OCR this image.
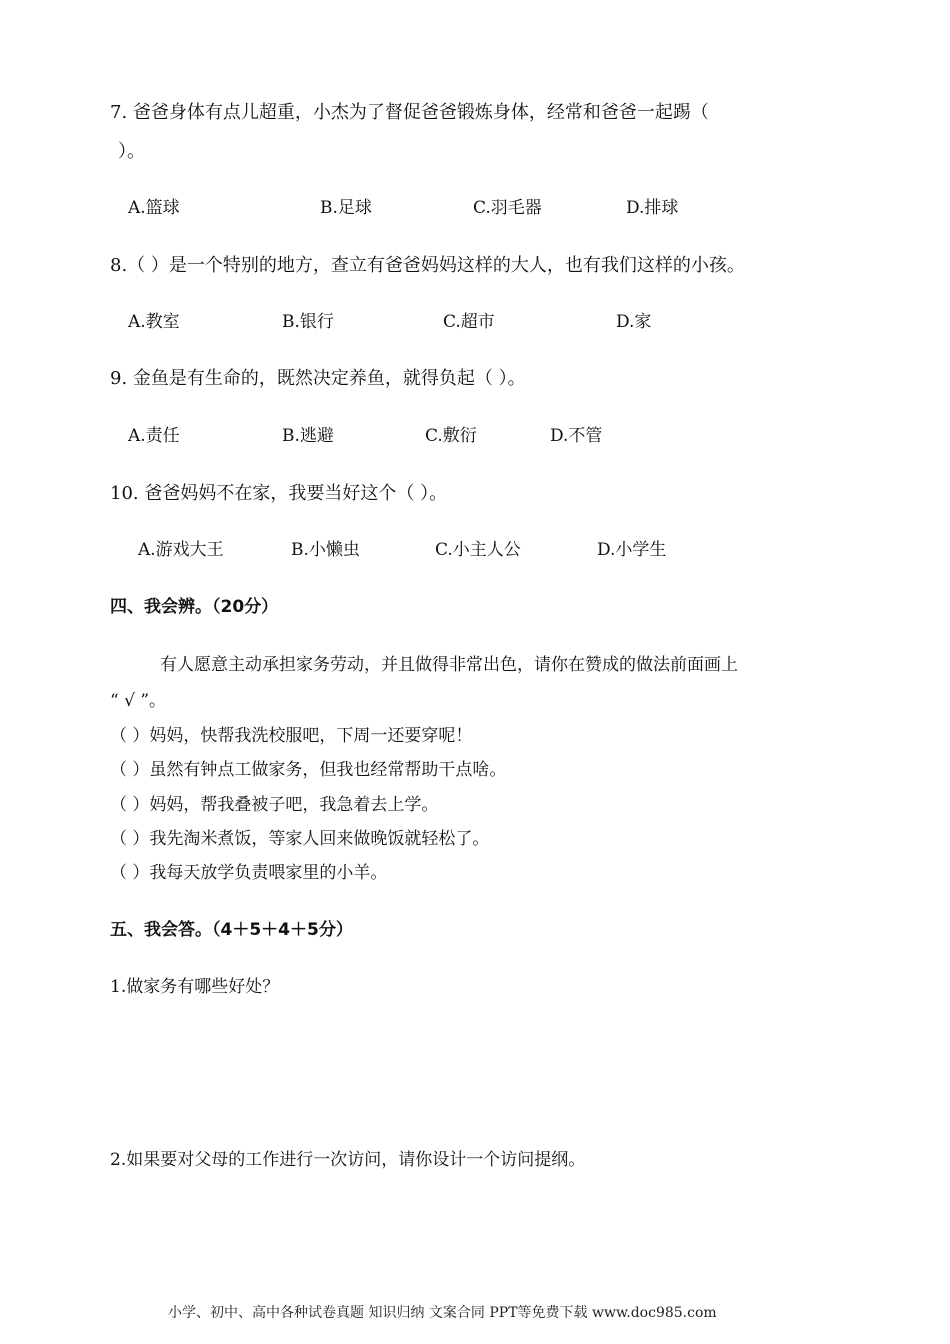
7. 爸爸身体有点儿超重，小杰为了督促爸爸锻炼身体，经常和爸爸一起踢（
）。
A.篮球	B.足球	C.羽毛器	D.排球
8.（ ）是一个特别的地方，查立有爸爸妈妈这样的大人，也有我们这样的小孩。
A.教室	B.银行	C.超市	D.家
9. 金鱼是有生命的，既然决定养鱼，就得负起（ ）。
A.责任	B.逃避	C.敷衍	D.不管
10. 爸爸妈妈不在家，我要当好这个（ ）。
A.游戏大王	B.小懒虫	C.小主人公	D.小学生
四、我会辨。（20分）
有人愿意主动承担家务劳动，并且做得非常出色，请你在赞成的做法前面画上
“ √ ”。
（ ）妈妈，快帮我洗校服吧，下周一还要穿呢！
（ ）虽然有钟点工做家务，但我也经常帮助干点啥。
（ ）妈妈，帮我叠被子吧，我急着去上学。
（ ）我先淘米煮饭，等家人回来做晚饭就轻松了。
（ ）我每天放学负责喂家里的小羊。
五、我会答。（4＋5＋4＋5分）
1.做家务有哪些好处？
2.如果要对父母的工作进行一次访问，请你设计一个访问提纲。
小学、初中、高中各种试卷真题 知识归纳 文案合同 PPT等免费下载 www.doc985.com
